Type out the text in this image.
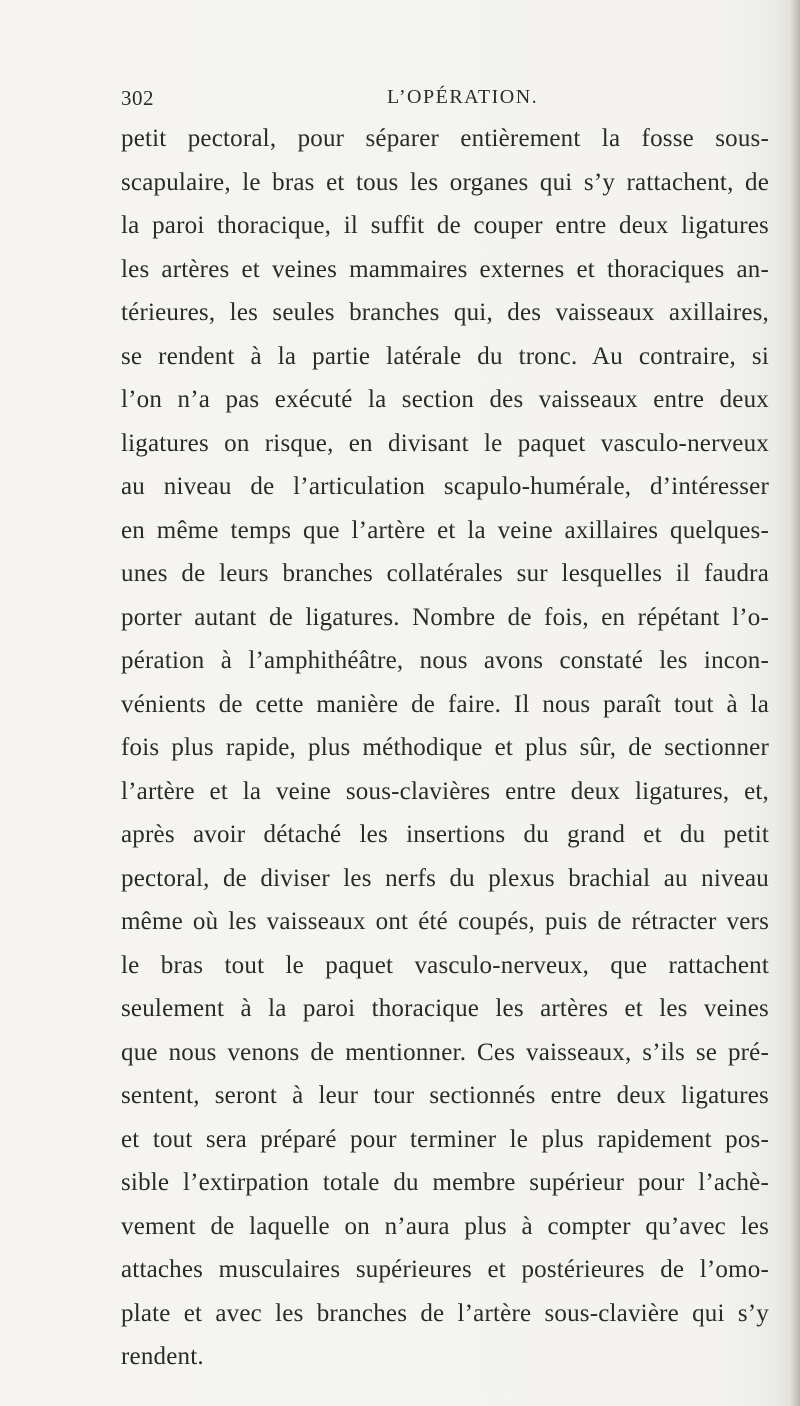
302	L’OPÉRATION.
petit pectoral, pour séparer entièrement la fosse sous-
scapulaire, le bras et tous les organes qui s’y rattachent, de
la paroi thoracique, il suffit de couper entre deux ligatures
les artères et veines mammaires externes et thoraciques an-
térieures, les seules branches qui, des vaisseaux axillaires,
se rendent à la partie latérale du tronc. Au contraire, si
l’on n’a pas exécuté la section des vaisseaux entre deux
ligatures on risque, en divisant le paquet vasculo-nerveux
au niveau de l’articulation scapulo-humérale, d’intéresser
en même temps que l’artère et la veine axillaires quelques-
unes de leurs branches collatérales sur lesquelles il faudra
porter autant de ligatures. Nombre de fois, en répétant l’o-
pération à l’amphithéâtre, nous avons constaté les incon-
vénients de cette manière de faire. Il nous paraît tout à la
fois plus rapide, plus méthodique et plus sûr, de sectionner
l’artère et la veine sous-clavières entre deux ligatures, et,
après avoir détaché les insertions du grand et du petit
pectoral, de diviser les nerfs du plexus brachial au niveau
même où les vaisseaux ont été coupés, puis de rétracter vers
le bras tout le paquet vasculo-nerveux, que rattachent
seulement à la paroi thoracique les artères et les veines
que nous venons de mentionner. Ces vaisseaux, s’ils se pré-
sentent, seront à leur tour sectionnés entre deux ligatures
et tout sera préparé pour terminer le plus rapidement pos-
sible l’extirpation totale du membre supérieur pour l’achè-
vement de laquelle on n’aura plus à compter qu’avec les
attaches musculaires supérieures et postérieures de l’omo-
plate et avec les branches de l’artère sous-clavière qui s’y
rendent.
